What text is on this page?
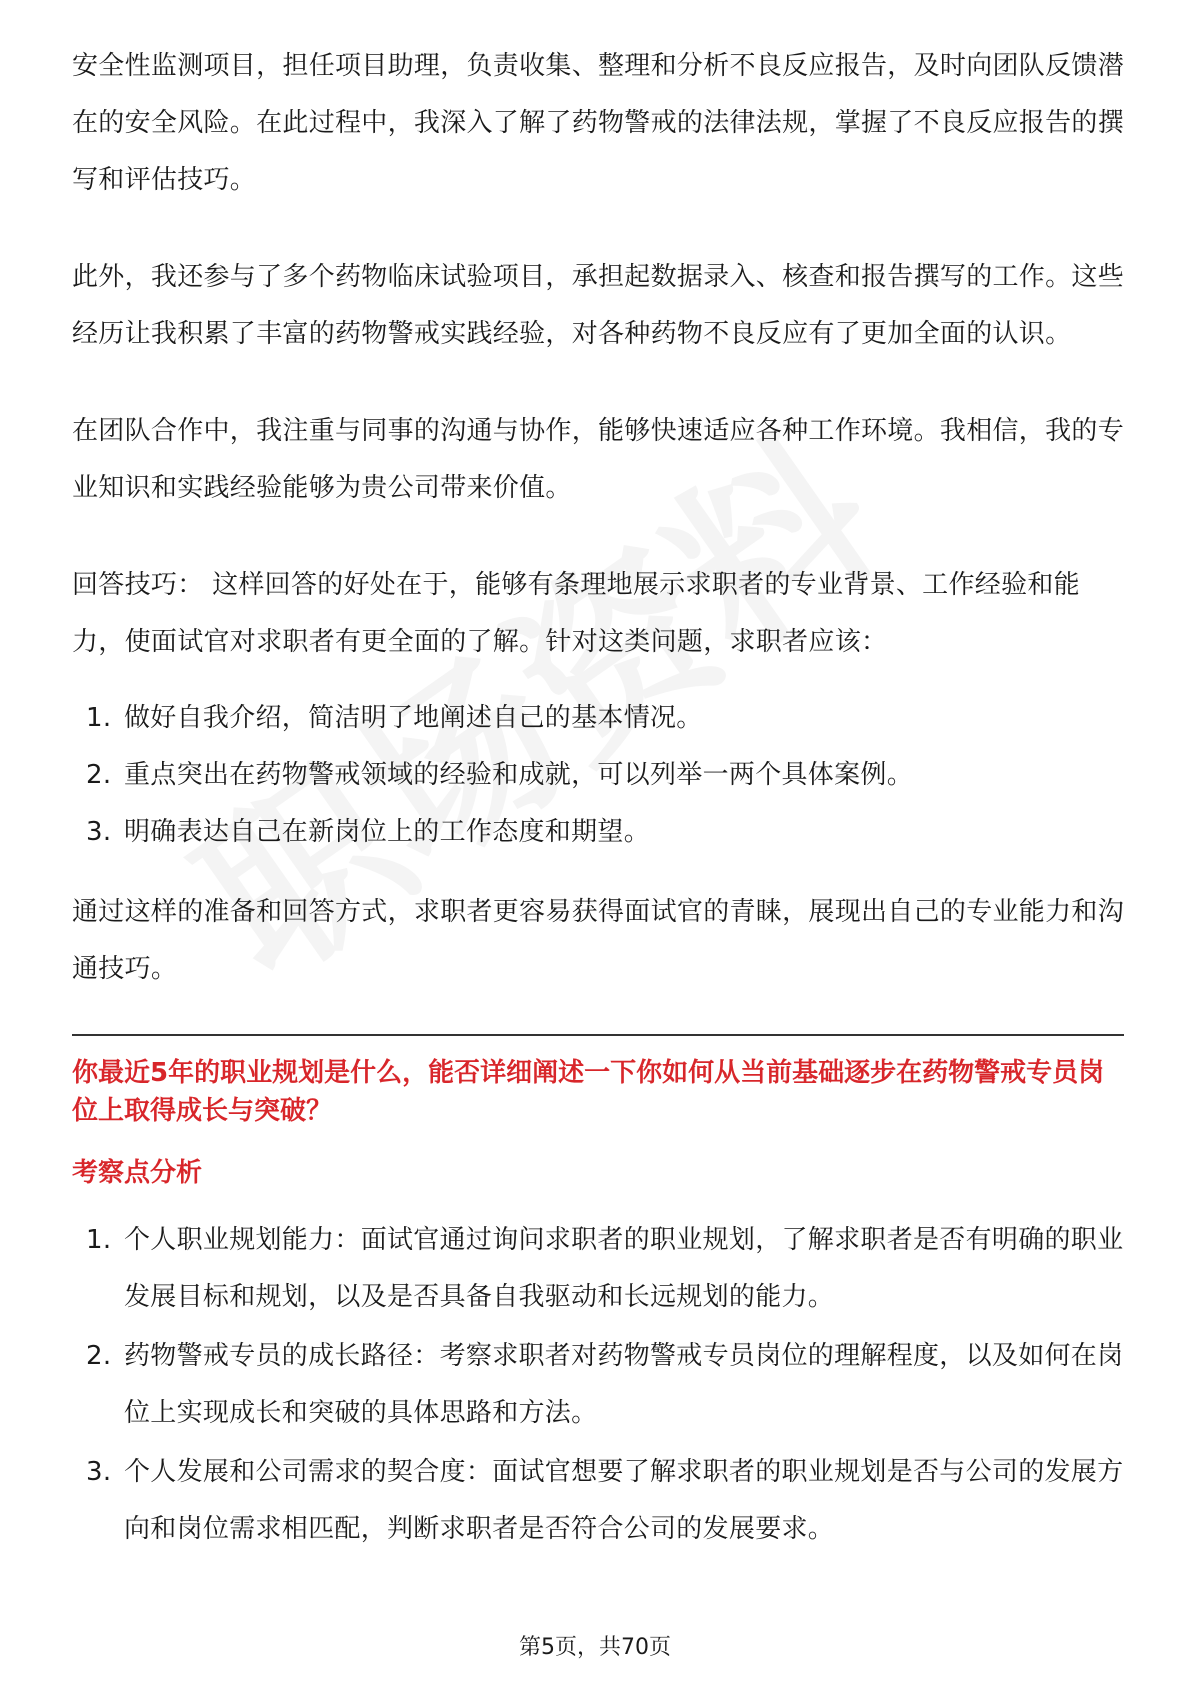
安全性监测项目，担任项目助理，负责收集、整理和分析不良反应报告，及时向团队反馈潜在的安全风险。在此过程中，我深入了解了药物警戒的法律法规，掌握了不良反应报告的撰写和评估技巧。

此外，我还参与了多个药物临床试验项目，承担起数据录入、核查和报告撰写的工作。这些经历让我积累了丰富的药物警戒实践经验，对各种药物不良反应有了更加全面的认识。

在团队合作中，我注重与同事的沟通与协作，能够快速适应各种工作环境。我相信，我的专业知识和实践经验能够为贵公司带来价值。

回答技巧： 这样回答的好处在于，能够有条理地展示求职者的专业背景、工作经验和能力，使面试官对求职者有更全面的了解。针对这类问题，求职者应该：

1. 做好自我介绍，简洁明了地阐述自己的基本情况。
2. 重点突出在药物警戒领域的经验和成就，可以列举一两个具体案例。
3. 明确表达自己在新岗位上的工作态度和期望。

通过这样的准备和回答方式，求职者更容易获得面试官的青睐，展现出自己的专业能力和沟通技巧。

你最近5年的职业规划是什么，能否详细阐述一下你如何从当前基础逐步在药物警戒专员岗位上取得成长与突破？
考察点分析
1. 个人职业规划能力：面试官通过询问求职者的职业规划，了解求职者是否有明确的职业发展目标和规划，以及是否具备自我驱动和长远规划的能力。
2. 药物警戒专员的成长路径：考察求职者对药物警戒专员岗位的理解程度，以及如何在岗位上实现成长和突破的具体思路和方法。
3. 个人发展和公司需求的契合度：面试官想要了解求职者的职业规划是否与公司的发展方向和岗位需求相匹配，判断求职者是否符合公司的发展要求。
第5页，共70页
